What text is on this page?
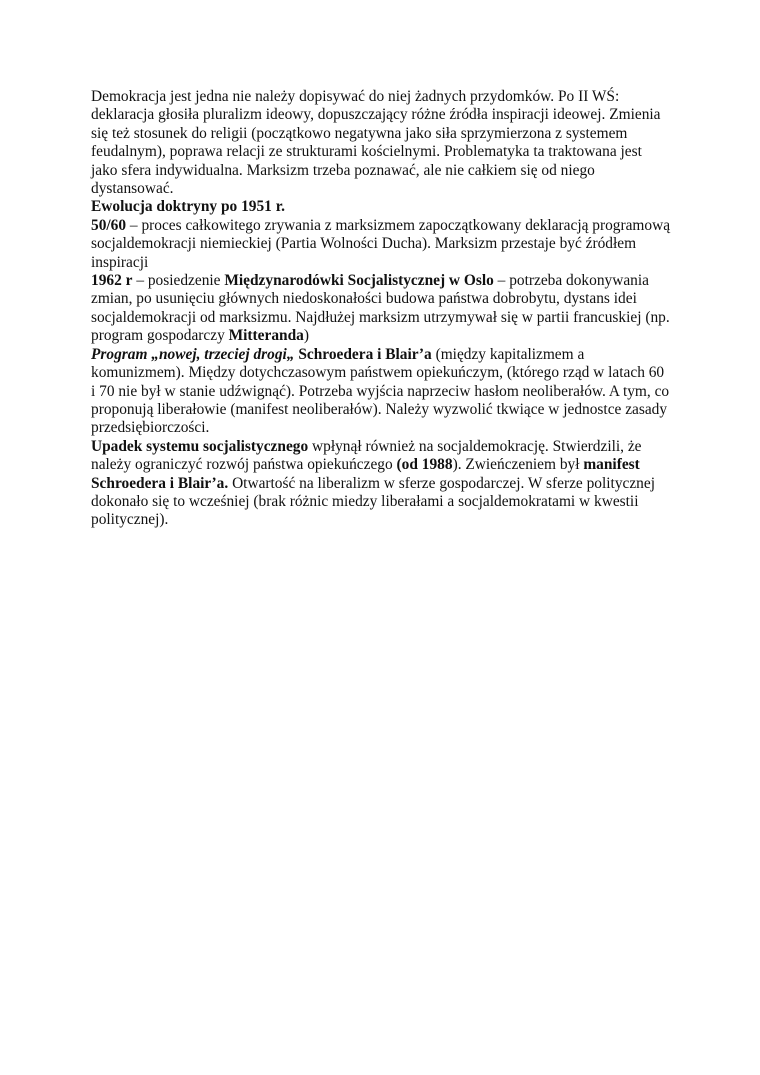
Demokracja jest jedna nie należy dopisywać do niej żadnych przydomków. Po II WŚ: deklaracja głosiła pluralizm ideowy, dopuszczający różne źródła inspiracji ideowej. Zmienia się też stosunek do religii (początkowo negatywna jako siła sprzymierzona z systemem feudalnym), poprawa relacji ze strukturami kościelnymi. Problematyka ta traktowana jest jako sfera indywidualna. Marksizm trzeba poznawać, ale nie całkiem się od niego dystansować.

Ewolucja doktryny po 1951 r.

50/60 – proces całkowitego zrywania z marksizmem zapoczątkowany deklaracją programową socjaldemokracji niemieckiej (Partia Wolności Ducha). Marksizm przestaje być źródłem inspiracji

1962 r – posiedzenie Międzynarodówki Socjalistycznej w Oslo – potrzeba dokonywania zmian, po usunięciu głównych niedoskonałości budowa państwa dobrobytu, dystans idei socjaldemokracji od marksizmu. Najdłużej marksizm utrzymywał się w partii francuskiej (np. program gospodarczy Mitteranda)

Program „nowej, trzeciej drogi„ Schroedera i Blair’a (między kapitalizmem a komunizmem). Między dotychczasowym państwem opiekuńczym, (którego rząd w latach 60 i 70 nie był w stanie udźwignąć). Potrzeba wyjścia naprzeciw hasłom neoliberałów. A tym, co proponują liberałowie (manifest neoliberałów). Należy wyzwolić tkwiące w jednostce zasady przedsiębiorczości.

Upadek systemu socjalistycznego wpłynął również na socjaldemokrację. Stwierdzili, że należy ograniczyć rozwój państwa opiekuńczego (od 1988). Zwieńczeniem był manifest Schroedera i Blair’a. Otwartość na liberalizm w sferze gospodarczej. W sferze politycznej dokonało się to wcześniej (brak różnic miedzy liberałami a socjaldemokratami w kwestii politycznej).
